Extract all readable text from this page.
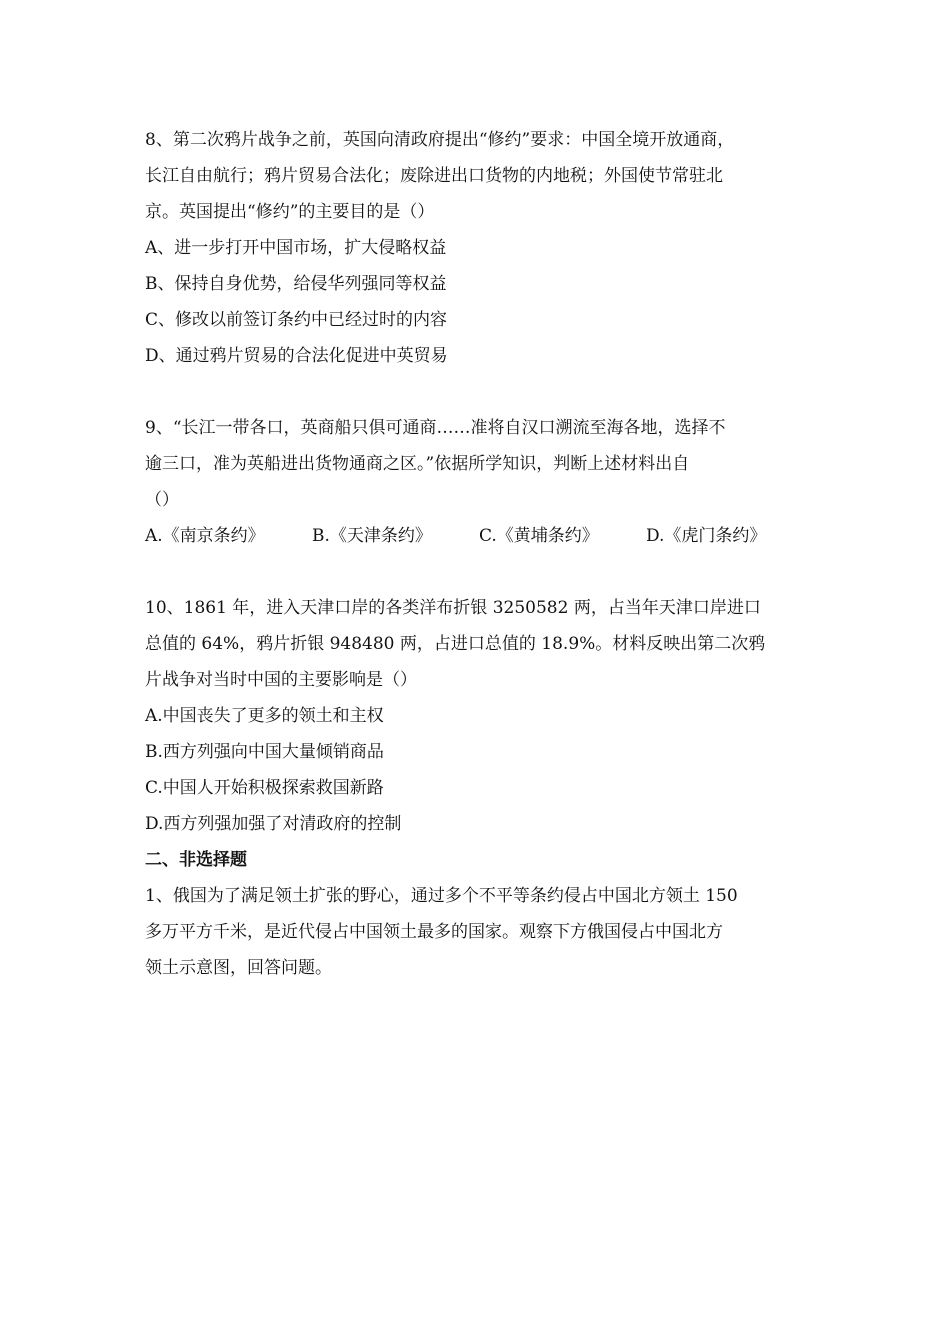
8、第二次鸦片战争之前，英国向清政府提出“修约”要求：中国全境开放通商，
长江自由航行；鸦片贸易合法化；废除进出口货物的内地税；外国使节常驻北
京。英国提出“修约”的主要目的是（）
A、进一步打开中国市场，扩大侵略权益
B、保持自身优势，给侵华列强同等权益
C、修改以前签订条约中已经过时的内容
D、通过鸦片贸易的合法化促进中英贸易
9、“长江一带各口，英商船只俱可通商……准将自汉口溯流至海各地，选择不
逾三口，准为英船进出货物通商之区。”依据所学知识，判断上述材料出自
（）
A.《南京条约》	B.《天津条约》	C.《黄埔条约》	D.《虎门条约》
10、1861 年，进入天津口岸的各类洋布折银 3250582 两，占当年天津口岸进口
总值的 64%，鸦片折银 948480 两，占进口总值的 18.9%。材料反映出第二次鸦
片战争对当时中国的主要影响是（）
A.中国丧失了更多的领土和主权
B.西方列强向中国大量倾销商品
C.中国人开始积极探索救国新路
D.西方列强加强了对清政府的控制
二、非选择题
1、俄国为了满足领土扩张的野心，通过多个不平等条约侵占中国北方领土 150
多万平方千米，是近代侵占中国领土最多的国家。观察下方俄国侵占中国北方
领土示意图，回答问题。
